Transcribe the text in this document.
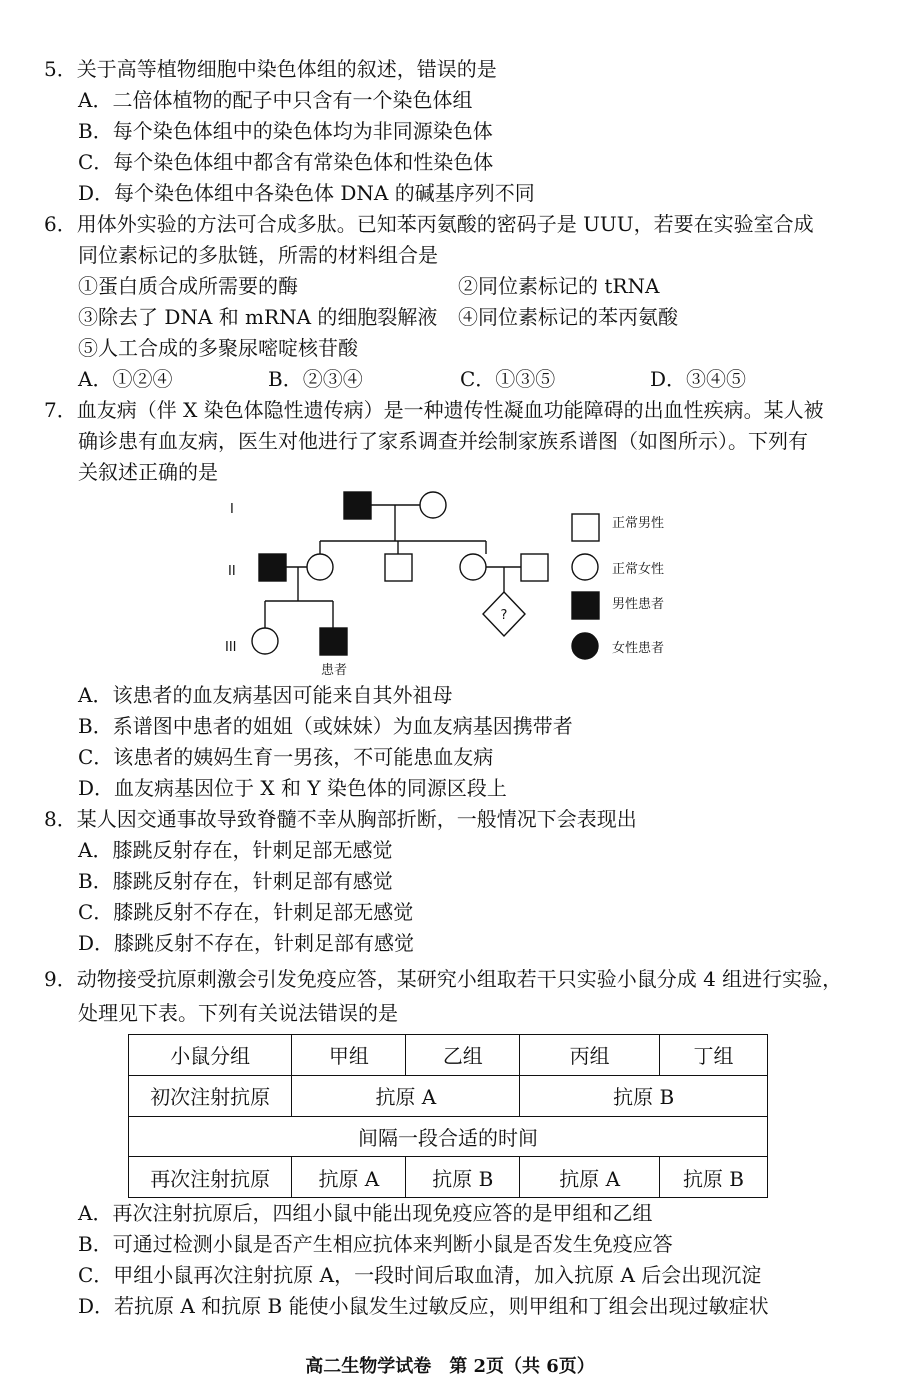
5．关于高等植物细胞中染色体组的叙述，错误的是
A．二倍体植物的配子中只含有一个染色体组
B．每个染色体组中的染色体均为非同源染色体
C．每个染色体组中都含有常染色体和性染色体
D．每个染色体组中各染色体 DNA 的碱基序列不同
6．用体外实验的方法可合成多肽。已知苯丙氨酸的密码子是 UUU，若要在实验室合成
同位素标记的多肽链，所需的材料组合是
①蛋白质合成所需要的酶	②同位素标记的 tRNA
③除去了 DNA 和 mRNA 的细胞裂解液 ④同位素标记的苯丙氨酸
⑤人工合成的多聚尿嘧啶核苷酸
A．①②④	B．②③④	C．①③⑤	D．③④⑤
7．血友病（伴 X 染色体隐性遗传病）是一种遗传性凝血功能障碍的出血性疾病。某人被
确诊患有血友病，医生对他进行了家系调查并绘制家族系谱图（如图所示）。下列有
关叙述正确的是
?
I
II
III
患者
正常男性
正常女性
男性患者
女性患者
A．该患者的血友病基因可能来自其外祖母
B．系谱图中患者的姐姐（或妹妹）为血友病基因携带者
C．该患者的姨妈生育一男孩，不可能患血友病
D．血友病基因位于 X 和 Y 染色体的同源区段上
8．某人因交通事故导致脊髓不幸从胸部折断，一般情况下会表现出
A．膝跳反射存在，针刺足部无感觉
B．膝跳反射存在，针刺足部有感觉
C．膝跳反射不存在，针刺足部无感觉
D．膝跳反射不存在，针刺足部有感觉
9．动物接受抗原刺激会引发免疫应答，某研究小组取若干只实验小鼠分成 4 组进行实验，
处理见下表。下列有关说法错误的是
小鼠分组	甲组	乙组	丙组	丁组
初次注射抗原	抗原 A		抗原 B	
间隔一段合适的时间				
再次注射抗原	抗原 A	抗原 B	抗原 A	抗原 B
A．再次注射抗原后，四组小鼠中能出现免疫应答的是甲组和乙组
B．可通过检测小鼠是否产生相应抗体来判断小鼠是否发生免疫应答
C．甲组小鼠再次注射抗原 A，一段时间后取血清，加入抗原 A 后会出现沉淀
D．若抗原 A 和抗原 B 能使小鼠发生过敏反应，则甲组和丁组会出现过敏症状
高二生物学试卷　第 2页（共 6页）
